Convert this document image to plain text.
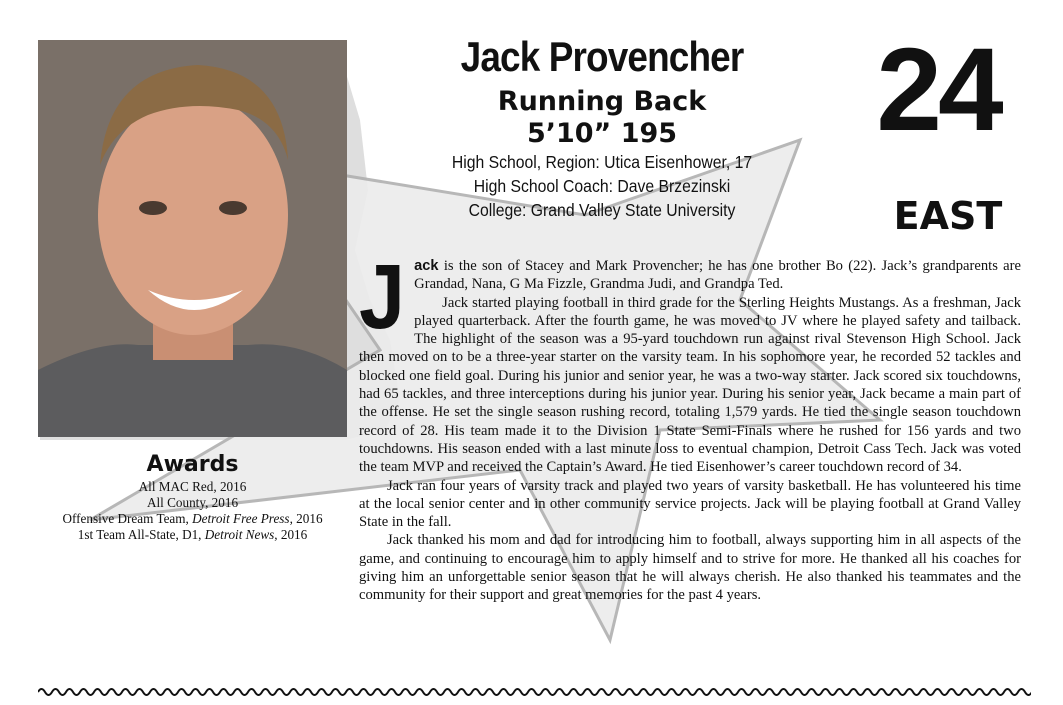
Awards
All MAC Red, 2016
All County, 2016
Offensive Dream Team, Detroit Free Press, 2016
1st Team All-State, D1, Detroit News, 2016
Jack Provencher
Running Back
5’10” 195
High School, Region: Utica Eisenhower, 17
High School Coach: Dave Brzezinski
College: Grand Valley State University
24
EAST
J ack is the son of Stacey and Mark Provencher; he has one brother Bo (22). Jack’s grandparents are Grandad, Nana, G Ma Fizzle, Grandma Judi, and Grandpa Ted.

Jack started playing football in third grade for the Sterling Heights Mustangs. As a freshman, Jack played quarterback. After the fourth game, he was moved to JV where he played safety and tailback. The highlight of the season was a 95-yard touchdown run against rival Stevenson High School. Jack then moved on to be a three-year starter on the varsity team. In his sophomore year, he recorded 52 tackles and blocked one field goal. During his junior and senior year, he was a two-way starter. Jack scored six touchdowns, had 65 tackles, and three interceptions during his junior year. During his senior year, Jack became a main part of the offense. He set the single season rushing record, totaling 1,579 yards. He tied the single season touchdown record of 28. His team made it to the Division 1 State Semi-Finals where he rushed for 156 yards and two touchdowns. His season ended with a last minute loss to eventual champion, Detroit Cass Tech. Jack was voted the team MVP and received the Captain’s Award. He tied Eisenhower’s career touchdown record of 34.

Jack ran four years of varsity track and played two years of varsity basketball. He has volunteered his time at the local senior center and in other community service projects. Jack will be playing football at Grand Valley State in the fall.

Jack thanked his mom and dad for introducing him to football, always supporting him in all aspects of the game, and continuing to encourage him to apply himself and to strive for more. He thanked all his coaches for giving him an unforgettable senior season that he will always cherish. He also thanked his teammates and the community for their support and great memories for the past 4 years.
